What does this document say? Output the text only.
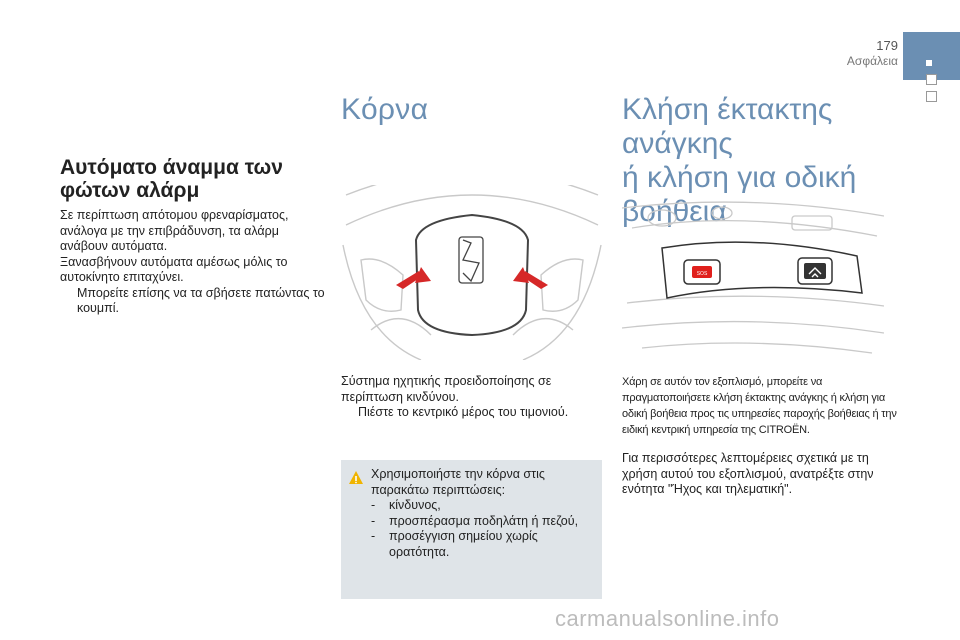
179
Ασφάλεια
Αυτόματο άναμμα των φώτων αλάρμ
Σε περίπτωση απότομου φρεναρίσματος, ανάλογα με την επιβράδυνση, τα αλάρμ ανάβουν αυτόματα.
Ξανασβήνουν αυτόματα αμέσως μόλις το αυτοκίνητο επιταχύνει.
Μπορείτε επίσης να τα σβήσετε πατώντας το κουμπί.
Κόρνα
Σύστημα ηχητικής προειδοποίησης σε περίπτωση κινδύνου.
Πιέστε το κεντρικό μέρος του τιμονιού.
Χρησιμοποιήστε την κόρνα στις παρακάτω περιπτώσεις:
-	κίνδυνος,
-	προσπέρασμα ποδηλάτη ή πεζού,
-	προσέγγιση σημείου χωρίς ορατότητα.
Κλήση έκτακτης ανάγκης
ή κλήση για οδική βοήθεια
SOS
Χάρη σε αυτόν τον εξοπλισμό, μπορείτε να πραγματοποιήσετε κλήση έκτακτης ανάγκης ή κλήση για οδική βοήθεια προς τις υπηρεσίες παροχής βοήθειας ή την ειδική κεντρική υπηρεσία της CITROËN.
Για περισσότερες λεπτομέρειες σχετικά με τη χρήση αυτού του εξοπλισμού, ανατρέξτε στην ενότητα "Ήχος και τηλεματική".
carmanualsonline.info
